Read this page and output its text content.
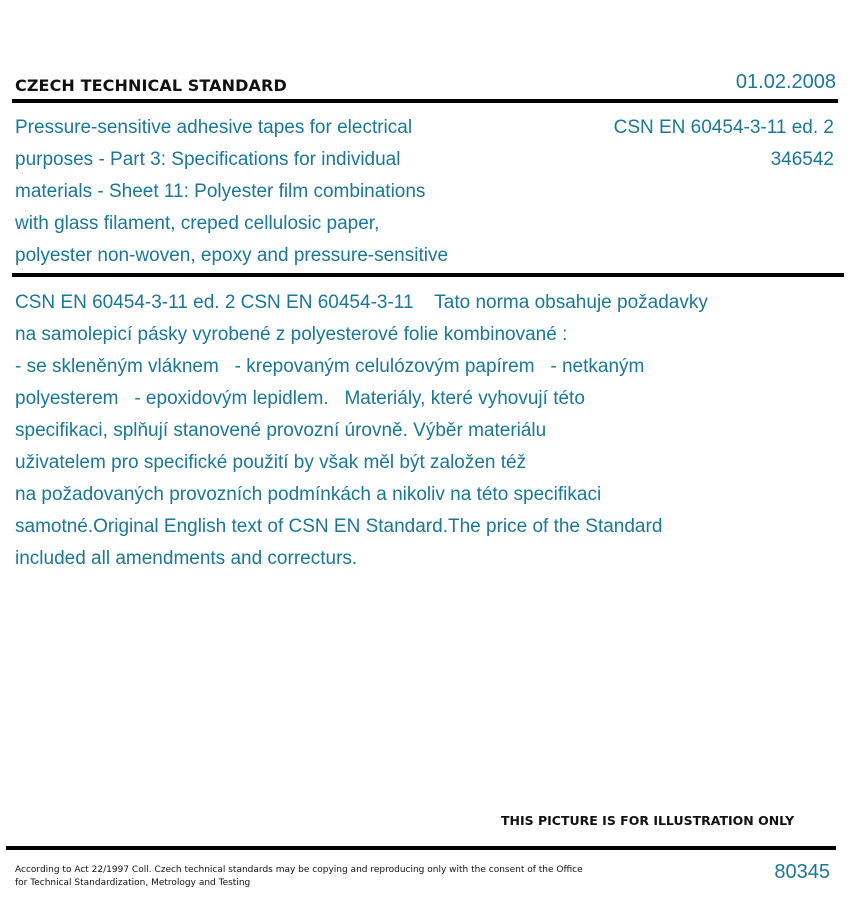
CZECH TECHNICAL STANDARD	01.02.2008
Pressure-sensitive adhesive tapes for electrical
purposes - Part 3: Specifications for individual
materials - Sheet 11: Polyester film combinations
with glass filament, creped cellulosic paper,
polyester non-woven, epoxy and pressure-sensitive
CSN EN 60454-3-11 ed. 2
346542
CSN EN 60454-3-11 ed. 2 CSN EN 60454-3-11    Tato norma obsahuje požadavky
na samolepicí pásky vyrobené z polyesterové folie kombinované :
- se skleněným vláknem   - krepovaným celulózovým papírem   - netkaným
polyesterem   - epoxidovým lepidlem.   Materiály, které vyhovují této
specifikaci, splňují stanovené provozní úrovně. Výběr materiálu
uživatelem pro specifické použití by však měl být založen též
na požadovaných provozních podmínkách a nikoliv na této specifikaci
samotné.Original English text of CSN EN Standard.The price of the Standard
included all amendments and correcturs.
THIS PICTURE IS FOR ILLUSTRATION ONLY
According to Act 22/1997 Coll. Czech technical standards may be copying and reproducing only with the consent of the Office
for Technical Standardization, Metrology and Testing	80345
